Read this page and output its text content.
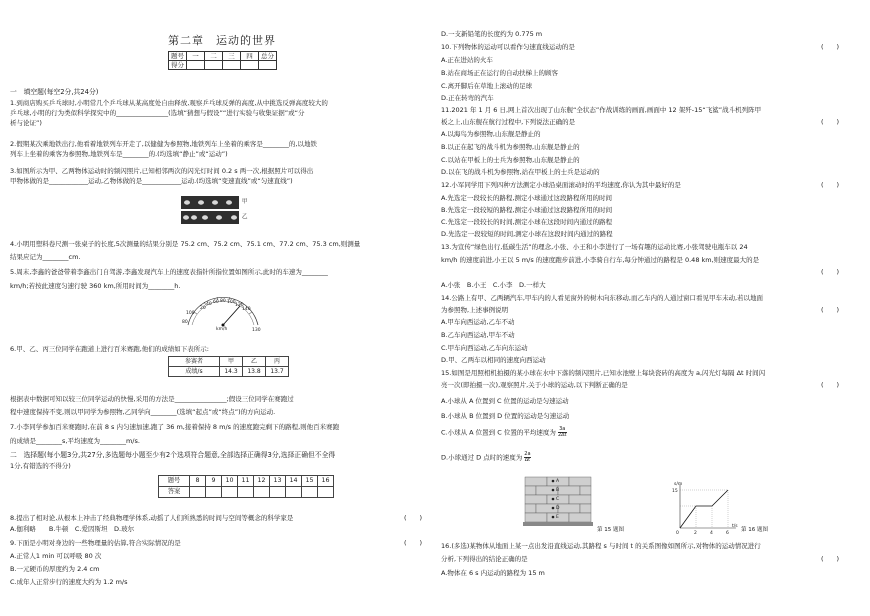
第二章　运动的世界
题号	一	二	三	四	总分
得分					
一　填空题(每空2分,共24分)
1.到商店购买乒乓球时,小明常几个乒乓球从某高度处自由释放,观察乒乓球反弹的高度,从中挑选反弹高度较大的
乒乓球,小明的行为类似科学探究中的________________(选填“猜想与假设”“进行实验与收集证据”或“分
析与论证”)
2.假期某次乘地铁出行,他看着地铁列车开走了,以健健为参照物,地铁列车上坐着的乘客是________的,以地铁
列车上坐着的乘客为参照物,地铁列车是________的.(均选填“静止”或“运动”)
3.如图所示为甲、乙两物体运动时的频闪照片,已知相邻两次的闪光灯时间 0.2 s 两一次,根据照片可以得出
甲物体做的是____________运动,乙物体做的是____________运动.(均选填“变速直线”或“匀速直线”)
甲
乙
4.小明用塑料卷尺测一张桌子的长度,5次测量的结果分别是 75.2 cm、75.2 cm、75.1 cm、77.2 cm、75.3 cm,则测量
结果应记为________cm.
5.周末,李鑫的爸爸带着李鑫出门自驾游,李鑫发现汽车上的速度表指针所指位置如图所示,此时的车速为________
km/h;若按此速度匀速行驶 360 km,所用时间为________h.
80
100
20
40 60 80 100
120
140
km/h	130
6.甲、乙、丙三位同学在跑道上进行百米赛跑,他们的成绩如下表所示:
参赛者	甲	乙	丙
成绩/s	14.3	13.8	13.7
根据表中数据可知以较三位同学运动的快慢,采用的方法是________________;假设三位同学在赛跑过
程中速度保持不变,则以甲同学为参照物,乙同学向________(选填“起点”或“终点”)的方向运动.
7.小李同学参加百米赛跑时,在前 8 s 内匀速加速,跑了 36 m,接着保持 8 m/s 的速度跑完剩下的路程,则他百米赛跑
的成绩是________s,平均速度为________m/s.
二　选择题(每小题3分,共27分,多选题每小题至少有2个选项符合题意,全部选择正确得3分,选择正确但不全得
1分,有错选的不得分)
题号	8	9	10	11	12	13	14	15	16
答案									
8.提出了相对论,从根本上冲击了经典物理学体系,动摇了人们所熟悉的时间与空间等概念的科学家是	(　　)
A.伽利略　　B.牛顿　C.爱因斯坦　D.玻尔
9.下面是小明对身边的一些物理量的估算,符合实际情况的是	(　　)
A.正常人1 min 可以呼吸 80 次
B.一元硬币的厚度约为 2.4 cm
C.成年人正常步行的速度大约为 1.2 m/s
D.一支新铅笔的长度约为 0.775 m
10.下列物体的运动可以看作匀速直线运动的是	(　　)
A.正在进站的火车
B.站在商场正在运行的自动扶梯上的顾客
C.离开脚后在草地上滚动的足球
D.正在转弯的汽车
11.2021 年 1 月 6 日,网上首次出现了山东舰“全状态”作战训练的画面,画面中 12 架歼-15“飞鲨”战斗机列阵甲
板之上,山东舰在航行过程中,下列说法正确的是	(　　)
A.以海鸟为参照物,山东舰是静止的
B.以正在起飞的战斗机为参照物,山东舰是静止的
C.以站在甲板上的士兵为参照物,山东舰是静止的
D.以在飞的战斗机为参照物,站在甲板上的士兵是运动的
12.小军同学用下列四种方法测定小球沿桌面滚动时的平均速度,你认为其中最好的是	(　　)
A.先选定一段较长的路程,测定小球通过这段路程所用的时间
B.先选定一段较短的路程,测定小球通过这段路程所用的时间
C.先选定一段较长的时间,测定小球在这段时间内通过的路程
D.先选定一段较短的时间,测定小球在这段时间内通过的路程
13.为宣传“绿色出行,低碳生活”的理念,小张、小王和小李进行了一场有趣的运动比赛,小张驾驶电瓶车以 24
km/h 的速度前进,小王以 5 m/s 的速度跑步前进,小李骑自行车,每分钟通过的路程是 0.48 km,则速度最大的是
(　　)
A.小张　B.小王　C.小李　D.一样大
14.公路上有甲、乙两辆汽车,甲车内的人看见窗外的树木向东移动,而乙车内的人通过窗口看见甲车未动,若以地面
为参照物,上述事例说明	(　　)
A.甲车向西运动,乙车不动
B.乙车向西运动,甲车不动
C.甲车向西运动,乙车向东运动
D.甲、乙两车以相同的速度向西运动
15.如图是用照相机拍摄的某小球在水中下落的频闪照片,已知水池壁上每块瓷砖的高度为 a,闪光灯每隔 Δt 时间闪
亮一次(即拍摄一次),观察照片,关于小球的运动,以下判断正确的是	(　　)
A.小球从 A 位置到 C 位置的运动是匀速运动
B.小球从 B 位置到 D 位置的运动是匀速运动
C.小球从 A 位置到 C 位置的平均速度为 $\frac{3a}{2\Delta t}$
D.小球通过 D 点时的速度为 $\frac{2a}{\Delta t}$
A
B
C
D
E
第 15 题图
s/m
15
0	2	4	6
t/s
第 16 题图
16.(多选)某物体从地面上某一点出发沿直线运动,其路程 s 与时间 t 的关系图像如图所示,对物体的运动情况进行
分析,下列得出的结论正确的是	(　　)
A.物体在 6 s 内运动的路程为 15 m
